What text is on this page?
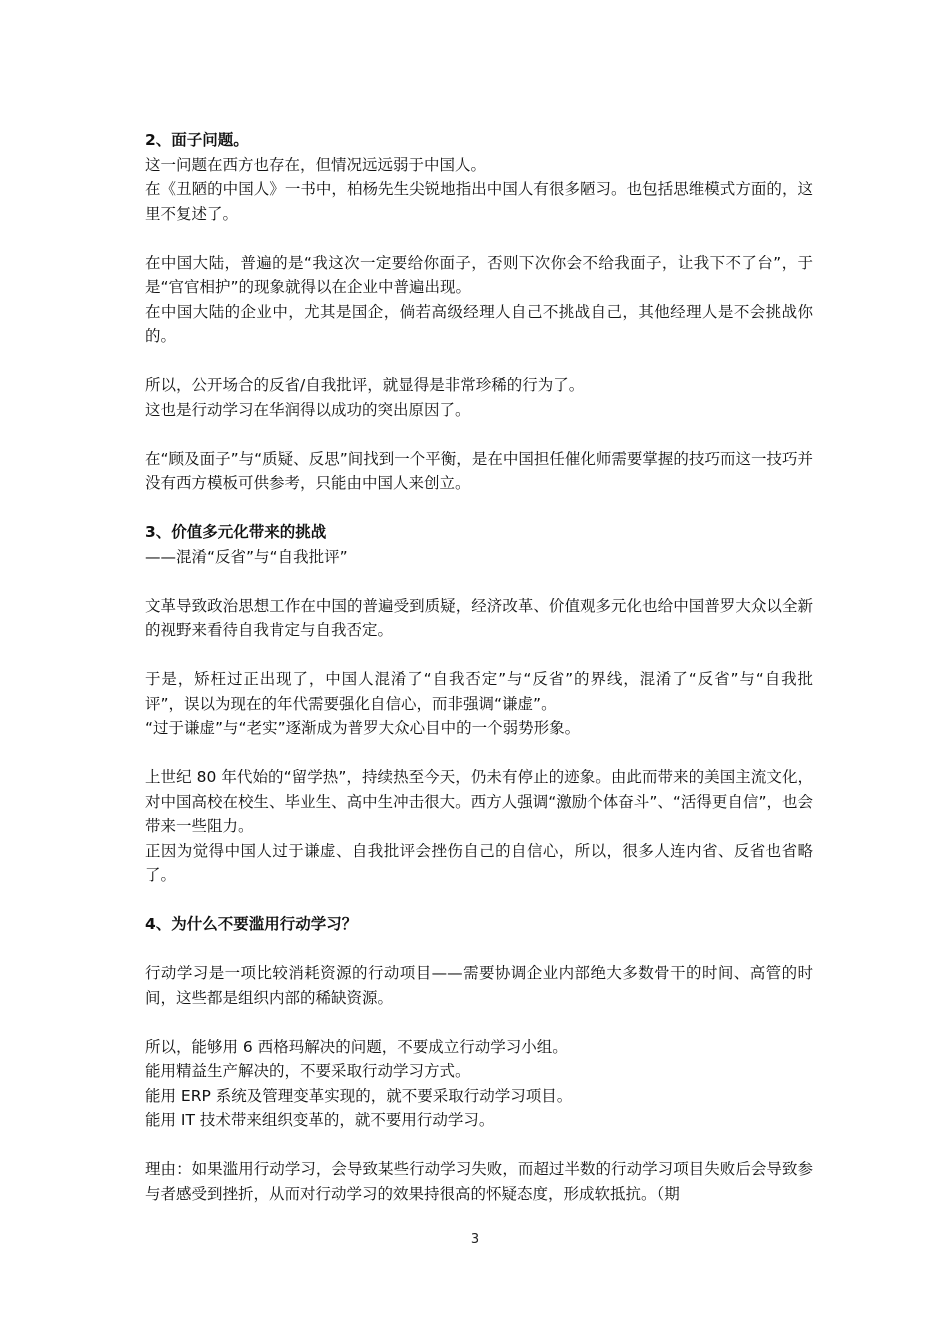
2、面子问题。

这一问题在西方也存在，但情况远远弱于中国人。

在《丑陋的中国人》一书中，柏杨先生尖锐地指出中国人有很多陋习。也包括思维模式方面的，这里不复述了。

在中国大陆，普遍的是“我这次一定要给你面子，否则下次你会不给我面子，让我下不了台”，于是“官官相护”的现象就得以在企业中普遍出现。

在中国大陆的企业中，尤其是国企，倘若高级经理人自己不挑战自己，其他经理人是不会挑战你的。

所以，公开场合的反省/自我批评，就显得是非常珍稀的行为了。

这也是行动学习在华润得以成功的突出原因了。

在“顾及面子”与“质疑、反思”间找到一个平衡，是在中国担任催化师需要掌握的技巧而这一技巧并没有西方模板可供参考，只能由中国人来创立。

3、价值多元化带来的挑战

——混淆“反省”与“自我批评”

文革导致政治思想工作在中国的普遍受到质疑，经济改革、价值观多元化也给中国普罗大众以全新的视野来看待自我肯定与自我否定。

于是，矫枉过正出现了，中国人混淆了“自我否定”与“反省”的界线，混淆了“反省”与“自我批评”，误以为现在的年代需要强化自信心，而非强调“谦虚”。

“过于谦虚”与“老实”逐渐成为普罗大众心目中的一个弱势形象。

上世纪 80 年代始的“留学热”，持续热至今天，仍未有停止的迹象。由此而带来的美国主流文化，对中国高校在校生、毕业生、高中生冲击很大。西方人强调“激励个体奋斗”、“活得更自信”，也会带来一些阻力。

正因为觉得中国人过于谦虚、自我批评会挫伤自己的自信心，所以，很多人连内省、反省也省略了。

4、为什么不要滥用行动学习？

行动学习是一项比较消耗资源的行动项目——需要协调企业内部绝大多数骨干的时间、高管的时间，这些都是组织内部的稀缺资源。

所以，能够用 6 西格玛解决的问题，不要成立行动学习小组。

能用精益生产解决的，不要采取行动学习方式。

能用 ERP 系统及管理变革实现的，就不要采取行动学习项目。

能用 IT 技术带来组织变革的，就不要用行动学习。

理由：如果滥用行动学习，会导致某些行动学习失败，而超过半数的行动学习项目失败后会导致参与者感受到挫折，从而对行动学习的效果持很高的怀疑态度，形成软抵抗。（期

3
